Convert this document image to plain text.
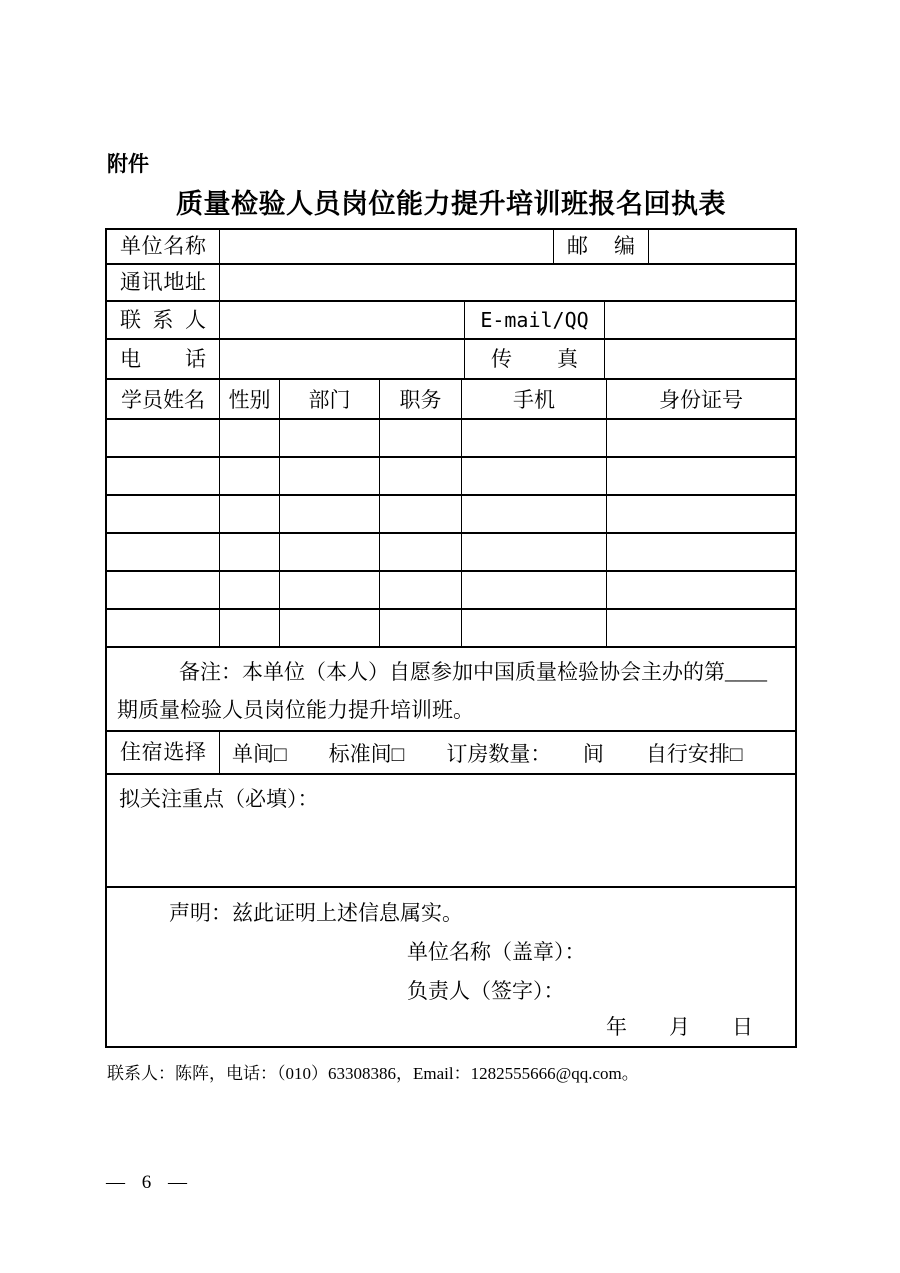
附件
质量检验人员岗位能力提升培训班报名回执表
单位名称	邮编
通讯地址
联系人	E-mail/QQ
电话	传真
学员姓名	性别	部门	职务	手机	身份证号
备注：本单位（本人）自愿参加中国质量检验协会主办的第____期质量检验人员岗位能力提升培训班。
住宿选择	单间□　　标准间□　　订房数量：　　间　　自行安排□
拟关注重点（必填）：

声明：兹此证明上述信息属实。

单位名称（盖章）：

负责人（签字）：

年　　月　　日

联系人：陈阵，电话：（010）63308386，Email：1282555666@qq.com。
— 6 —
